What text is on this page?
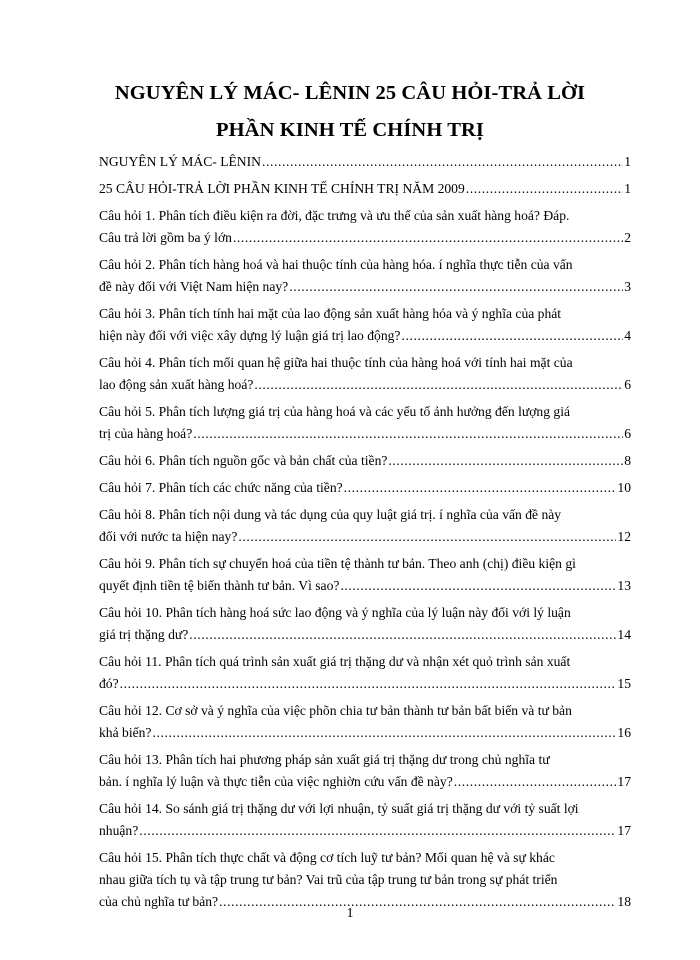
NGUYÊN LÝ MÁC- LÊNIN 25 CÂU HỎI-TRẢ LỜI
PHẦN KINH TẾ CHÍNH TRỊ
NGUYÊN LÝ MÁC- LÊNIN .....	1
25 CÂU HỎI-TRẢ LỜI PHẦN KINH TẾ CHÍNH TRỊ NĂM 2009 .....	1
Câu hỏi 1. Phân tích điều kiện ra đời, đặc trưng và ưu thế của sản xuất hàng hoá? Đáp.
Câu trả lời gồm ba ý lớn .....	2
Câu hỏi 2. Phân tích hàng hoá và hai thuộc tính của hàng hóa. í nghĩa thực tiễn của vấn
đề này đối với Việt Nam hiện nay? .....	3
Câu hỏi 3. Phân tích tính hai mặt của lao động sản xuất hàng hóa và ý nghĩa của phát
hiện này đối với việc xây dựng lý luận giá trị lao động? .....	4
Câu hỏi 4. Phân tích mối quan hệ giữa hai thuộc tính của hàng hoá với tính hai mặt của
lao động sản xuất hàng hoá? .....	6
Câu hỏi 5. Phân tích lượng giá trị của hàng hoá và các yếu tố ảnh hưởng đến lượng giá
trị của hàng hoá? .....	6
Câu hỏi 6. Phân tích nguồn gốc và bản chất của tiền? .....	8
Câu hỏi 7. Phân tích các chức năng của tiền? .....	10
Câu hỏi 8. Phân tích nội dung và tác dụng của quy luật giá trị. í nghĩa của vấn đề này
đối với nước ta hiện nay? .....	12
Câu hỏi 9. Phân tích sự chuyển hoá của tiền tệ thành tư bản. Theo anh (chị) điều kiện gì
quyết định tiền tệ biến thành tư bản. Vì sao? .....	13
Câu hỏi 10. Phân tích hàng hoá sức lao động và ý nghĩa của lý luận này đối với lý luận
giá trị thặng dư? .....	14
Câu hỏi 11. Phân tích quá trình sản xuất giá trị thặng dư và nhận xét quỏ trình sản xuất
đó? .....	15
Câu hỏi 12. Cơ sở và ý nghĩa của việc phõn chia tư bản thành tư bản bất biến và tư bản
khả biến? .....	16
Câu hỏi 13. Phân tích hai phương pháp sản xuất giá trị thặng dư trong chủ nghĩa tư
bản. í nghĩa lý luận và thực tiễn của việc nghiờn cứu vấn đề này? .....	17
Câu hỏi 14. So sánh giá trị thặng dư với lợi nhuận, tỷ suất giá trị thặng dư với tỷ suất lợi
nhuận? .....	17
Câu hỏi 15. Phân tích thực chất và động cơ tích luỹ tư bản? Mối quan hệ và sự khác
nhau giữa tích tụ và tập trung tư bản? Vai trũ của tập trung tư bản trong sự phát triển
của chủ nghĩa tư bản? .....	18
1
